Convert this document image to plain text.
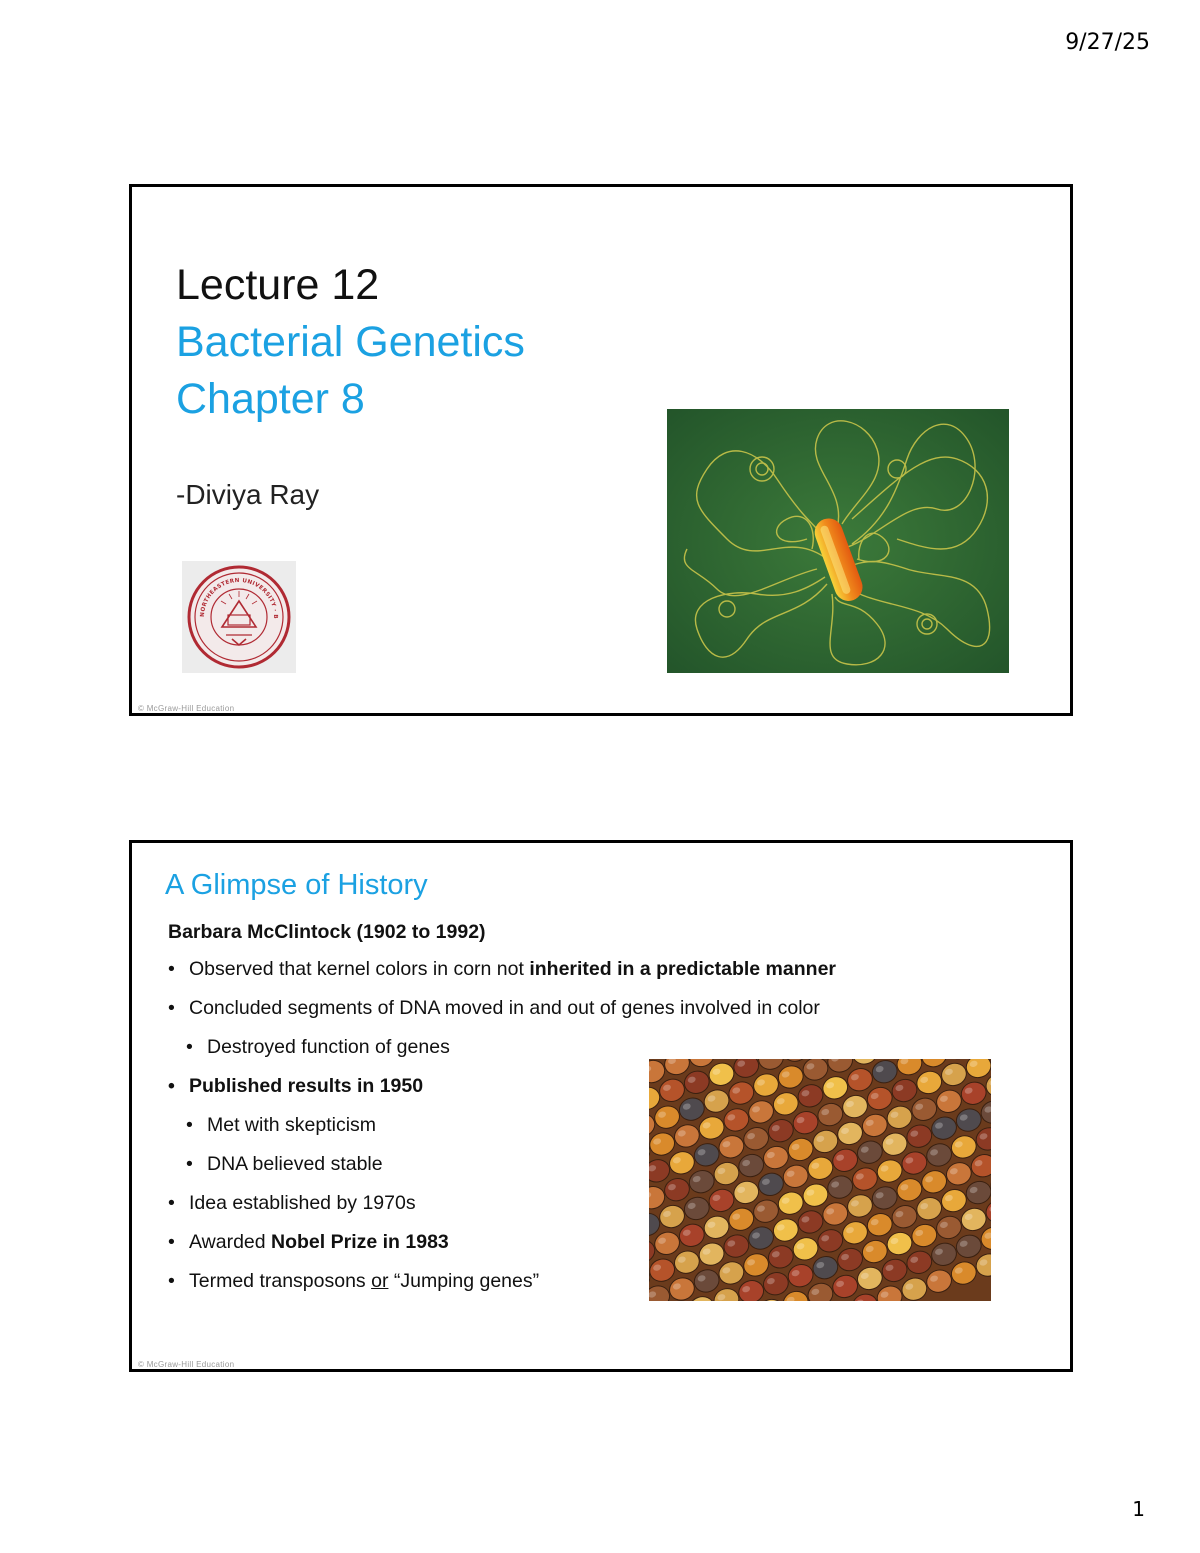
9/27/25
Lecture 12
Bacterial Genetics
Chapter 8
-Diviya Ray
NORTHEASTERN UNIVERSITY · B
© McGraw-Hill Education
A Glimpse of History
Barbara McClintock (1902 to 1992)
• Observed that kernel colors in corn not inherited in a predictable manner
• Concluded segments of DNA moved in and out of genes involved in color
• Destroyed function of genes
• Published results in 1950
• Met with skepticism
• DNA believed stable
• Idea established by 1970s
• Awarded Nobel Prize in 1983
• Termed transposons or “Jumping genes”
© McGraw-Hill Education
1
